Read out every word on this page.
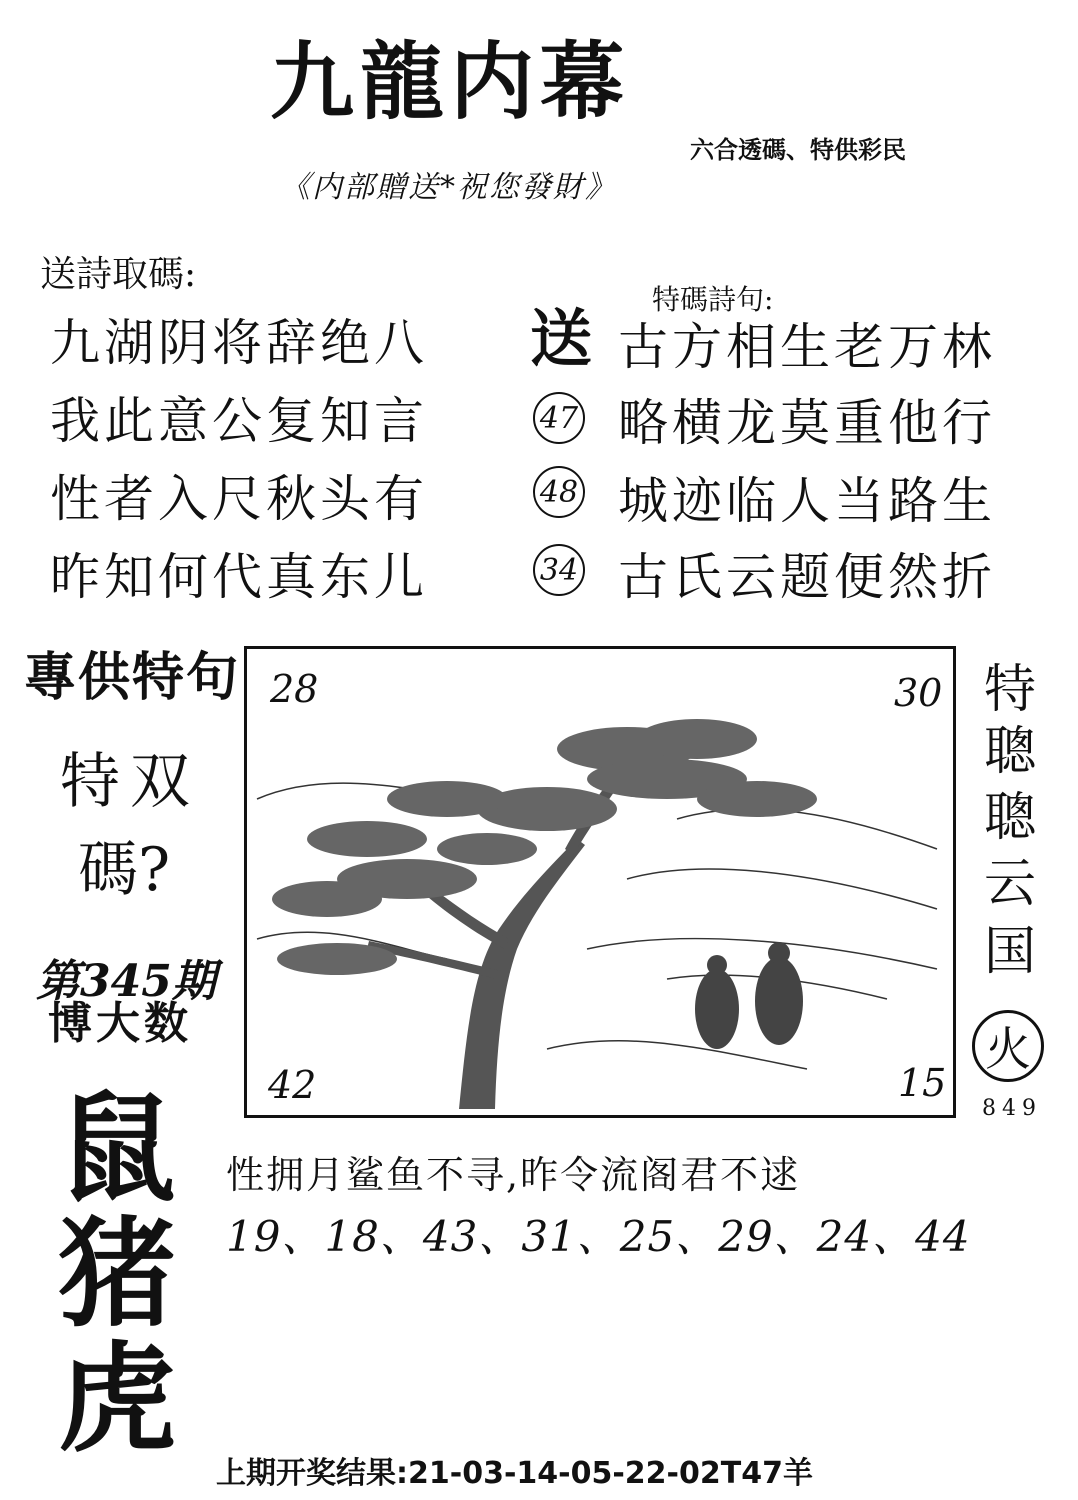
九龍内幕
六合透碼、特供彩民
《内部贈送*祝您發財》
送詩取碼:
九湖阴将辞绝八
我此意公复知言
性者入尺秋头有
昨知何代真东儿
特碼詩句:
送
47
48
34
古方相生老万林
略横龙莫重他行
城迹临人当路生
古氏云题便然折
專供特句
特双
碼?
第345期
博大数
鼠
猪
虎
28	30
42	15
特
聰
聰
云
国
火
849
性拥月鲨鱼不寻,昨令流阁君不逑
19、18、43、31、25、29、24、44
上期开奖结果:21-03-14-05-22-02T47羊
